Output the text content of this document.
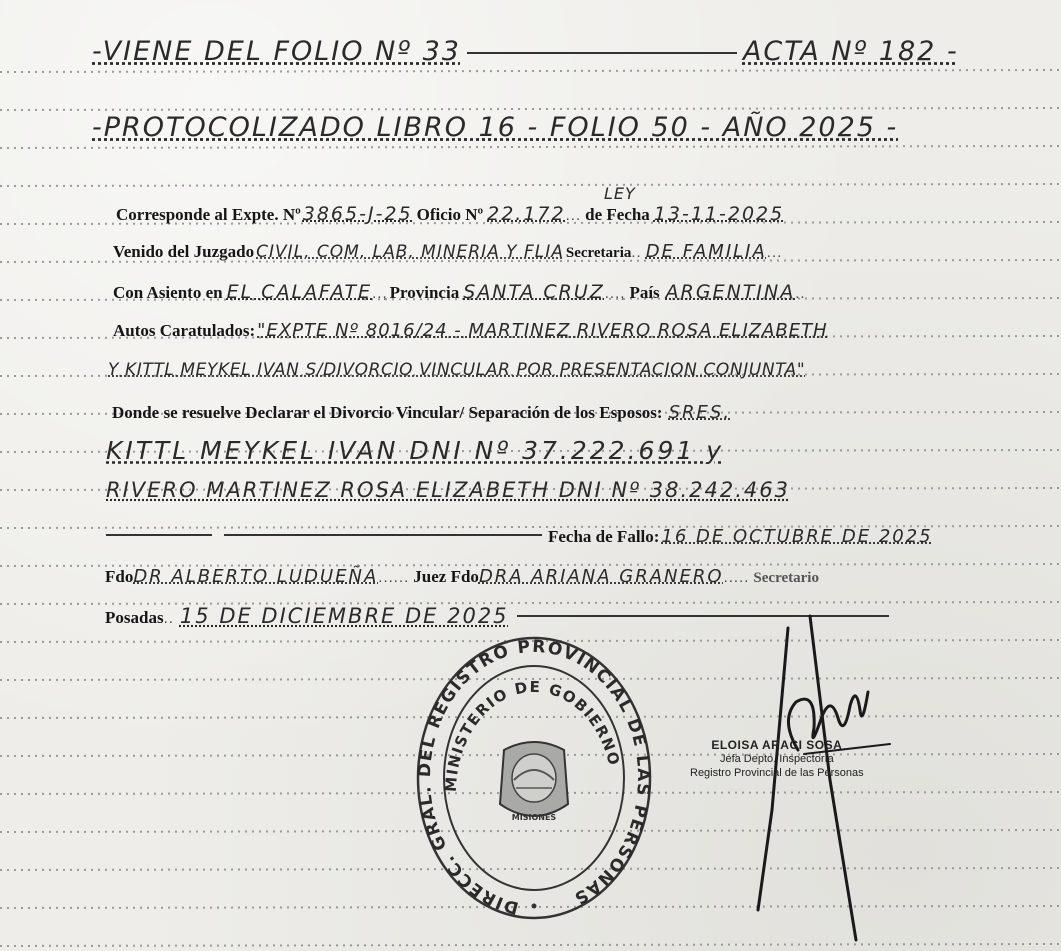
-VIENE DEL FOLIO Nº 33	ACTA Nº 182 -
-PROTOCOLIZADO LIBRO 16 - FOLIO 50 - AÑO 2025 -
LEY
Corresponde al Expte. Nº 3865-J-25 Oficio Nº 22.172 ... de Fecha 13-11-2025
Venido del Juzgado CIVIL, COM, LAB, MINERIA Y FLIA Secretaria .. DE FAMILIA ...
Con Asiento en EL CALAFATE .., Provincia SANTA CRUZ ..., País ARGENTINA ..
Autos Caratulados: "EXPTE Nº 8016/24 - MARTINEZ RIVERO ROSA ELIZABETH
Y KITTL MEYKEL IVAN S/DIVORCIO VINCULAR POR PRESENTACION CONJUNTA"
Donde se resuelve Declarar el Divorcio Vincular/ Separación de los Esposos: SRES.
KITTL MEYKEL IVAN DNI Nº 37.222.691 y
RIVERO MARTINEZ ROSA ELIZABETH DNI Nº 38.242.463
Fecha de Fallo: 16 DE OCTUBRE DE 2025
Fdo DR ALBERTO LUDUEÑA ...... Juez Fdo DRA ARIANA GRANERO ..... Secretario
Posadas .. 15 DE DICIEMBRE DE 2025
DIRECC. GRAL. DEL REGISTRO PROVINCIAL DE LAS PERSONAS
MINISTERIO DE GOBIERNO
MISIONES
ELOISA ARACI SOSA
Jefa Depto. Inspectoría
Registro Provincial de las Personas
